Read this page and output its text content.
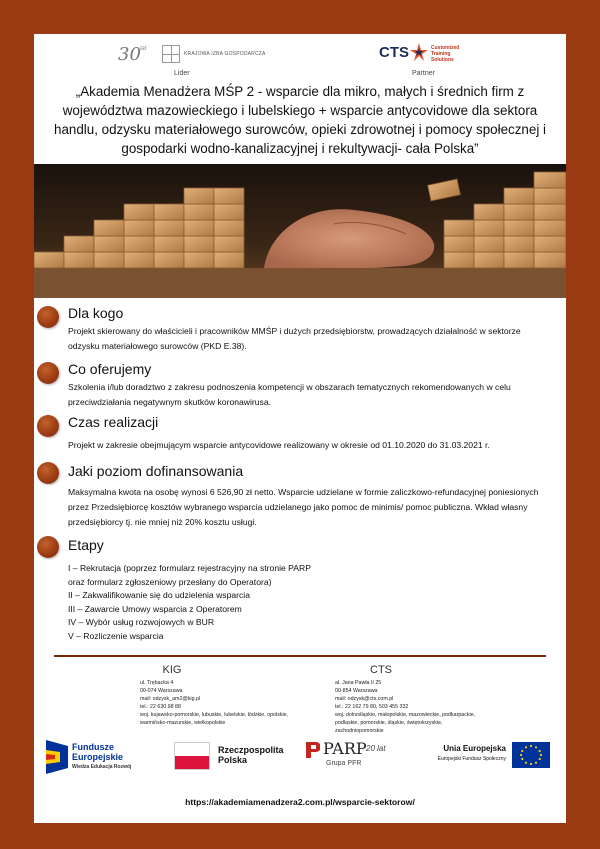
30 lat
KRAJOWA IZBA GOSPODARCZA
Lider
CTS	Customized Training Solutions
Partner
„Akademia Menadżera MŚP 2 - wsparcie dla mikro, małych i średnich firm z województwa mazowieckiego i lubelskiego + wsparcie antycovidowe dla sektora handlu, odzysku materiałowego surowców, opieki zdrowotnej i pomocy społecznej i gospodarki wodno-kanalizacyjnej i rekultywacji- cała Polska”
Dla kogo
Projekt skierowany do właścicieli i pracowników MMŚP i dużych przedsiębiorstw, prowadzących działalność w sektorze odzysku materiałowego surowców (PKD E.38).
Co oferujemy
Szkolenia i/lub doradztwo z zakresu podnoszenia kompetencji w obszarach tematycznych rekomendowanych w celu przeciwdziałania negatywnym skutków koronawirusa.
Czas realizacji
Projekt w zakresie obejmującym wsparcie antycovidowe realizowany w okresie od 01.10.2020 do 31.03.2021 r.
Jaki poziom dofinansowania
Maksymalna kwota na osobę wynosi 6 526,90 zł netto. Wsparcie udzielane w formie zaliczkowo-refundacyjnej poniesionych przez Przedsiębiorcę kosztów wybranego wsparcia udzielanego jako pomoc de minimis/ pomoc publiczna. Wkład własny przedsiębiorcy tj. nie mniej niż 20% kosztu usługi.
Etapy
I – Rekrutacja (poprzez formularz rejestracyjny na stronie PARP
oraz formularz zgłoszeniowy przesłany do Operatora)
II – Zakwalifikowanie się do udzielenia wsparcia
III – Zawarcie Umowy wsparcia z Operatorem
IV – Wybór usług rozwojowych w BUR
V – Rozliczenie wsparcia
KIG
ul. Trębacka 4
00-074 Warszawa
mail: odzysk_am2@kig.pl
tel.: 22 630 98 88
woj. kujawsko-pomorskie, lubuskie, lubelskie, łódzkie, opolskie,
warmińsko-mazurskie, wielkopolskie
CTS
al. Jana Pawła II 25
00-854 Warszawa
mail: odzysk@cts.com.pl
tel.: 22 162 79 80, 503 455 332
woj. dolnośląskie, małopolskie, mazowieckie, podkarpackie,
podlaskie, pomorskie, śląskie, świętokrzyskie,
zachodniopomorskie
Fundusze
Europejskie
Wiedza Edukacja Rozwój
Rzeczpospolita
Polska
PARP 20 lat
Grupa PFR
Unia Europejska
Europejski Fundusz Społeczny
https://akademiamenadzera2.com.pl/wsparcie-sektorow/
